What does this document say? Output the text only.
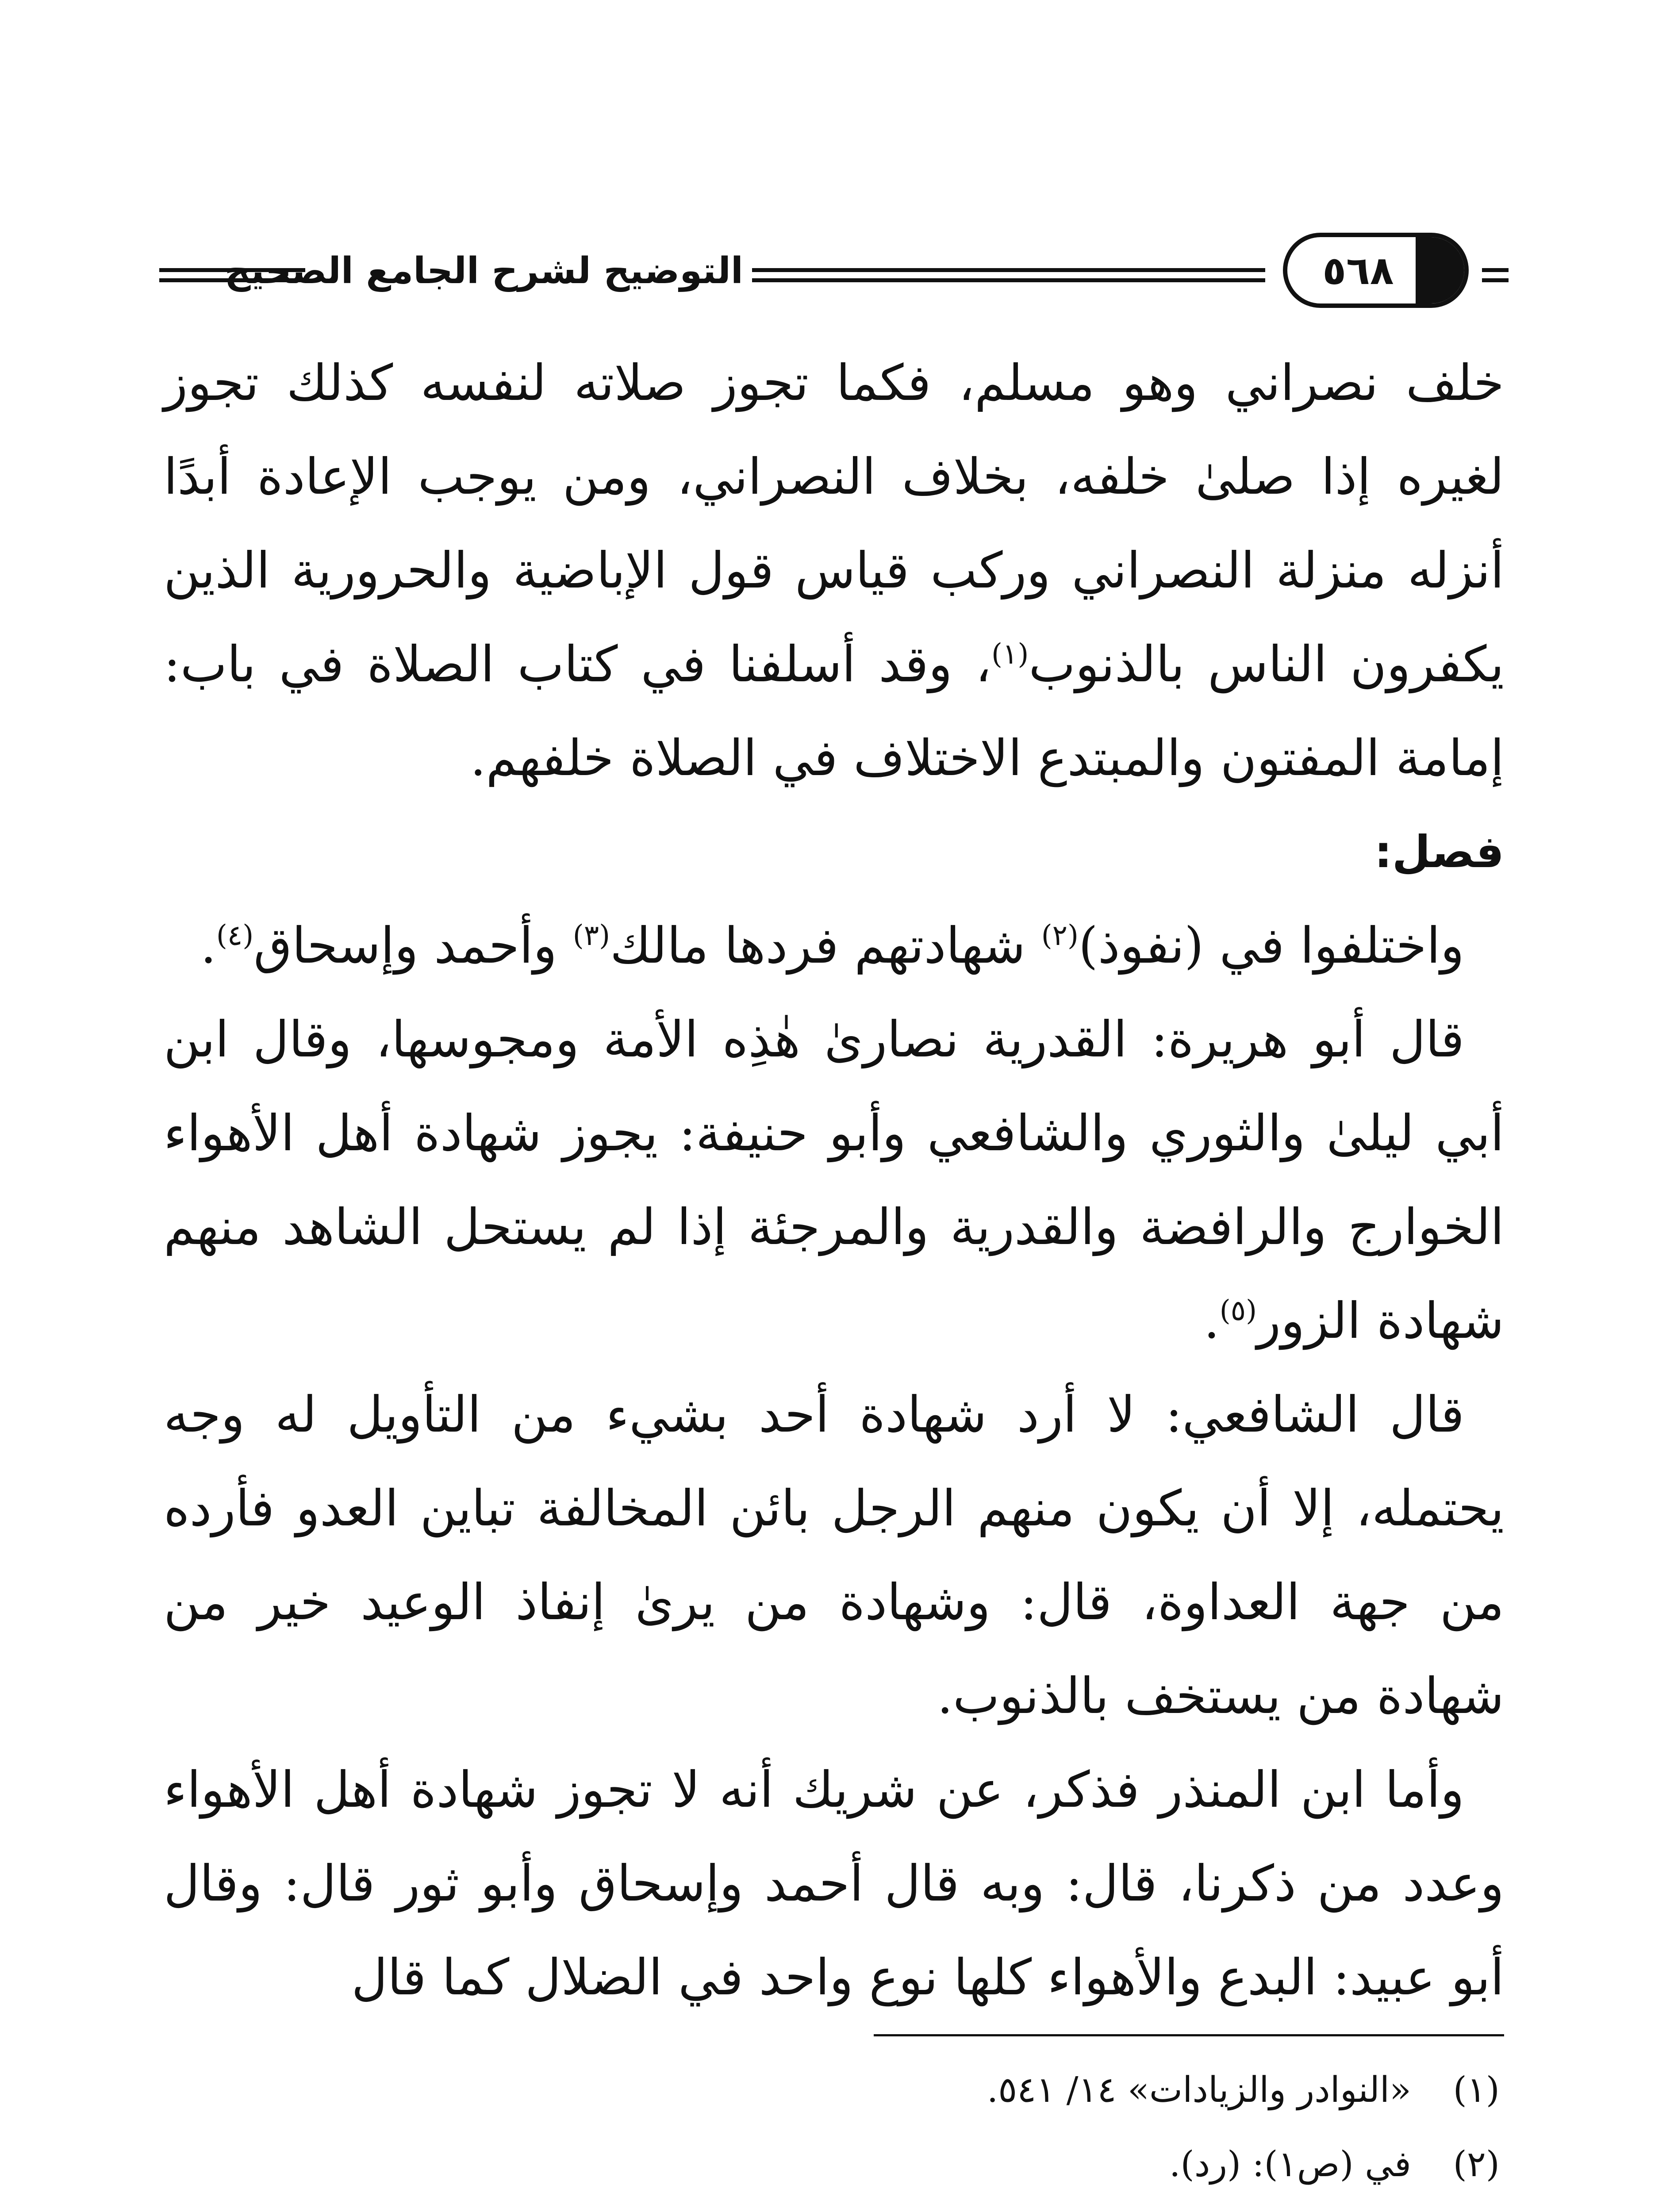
التوضيح لشرح الجامع الصحيح	٥٦٨

خلف نصراني وهو مسلم، فكما تجوز صلاته لنفسه كذلك تجوز لغيره إذا صلىٰ خلفه، بخلاف النصراني، ومن يوجب الإعادة أبدًا أنزله منزلة النصراني وركب قياس قول الإباضية والحرورية الذين يكفرون الناس بالذنوب$^{(١)}$، وقد أسلفنا في كتاب الصلاة في باب: إمامة المفتون والمبتدع الاختلاف في الصلاة خلفهم.

فصل:

واختلفوا في (نفوذ)$^{(٢)}$ شهادتهم فردها مالك$^{(٣)}$ وأحمد وإسحاق$^{(٤)}$.

قال أبو هريرة: القدرية نصارىٰ هٰذِه الأمة ومجوسها، وقال ابن أبي ليلىٰ والثوري والشافعي وأبو حنيفة: يجوز شهادة أهل الأهواء الخوارج والرافضة والقدرية والمرجئة إذا لم يستحل الشاهد منهم شهادة الزور$^{(٥)}$.

قال الشافعي: لا أرد شهادة أحد بشيء من التأويل له وجه يحتمله، إلا أن يكون منهم الرجل بائن المخالفة تباين العدو فأرده من جهة العداوة، قال: وشهادة من يرىٰ إنفاذ الوعيد خير من شهادة من يستخف بالذنوب.

وأما ابن المنذر فذكر، عن شريك أنه لا تجوز شهادة أهل الأهواء وعدد من ذكرنا، قال: وبه قال أحمد وإسحاق وأبو ثور قال: وقال أبو عبيد: البدع والأهواء كلها نوع واحد في الضلال كما قال

(١)
«النوادر والزيادات» ١٤/ ٥٤١.
(٢)
في (ص١): (رد).
